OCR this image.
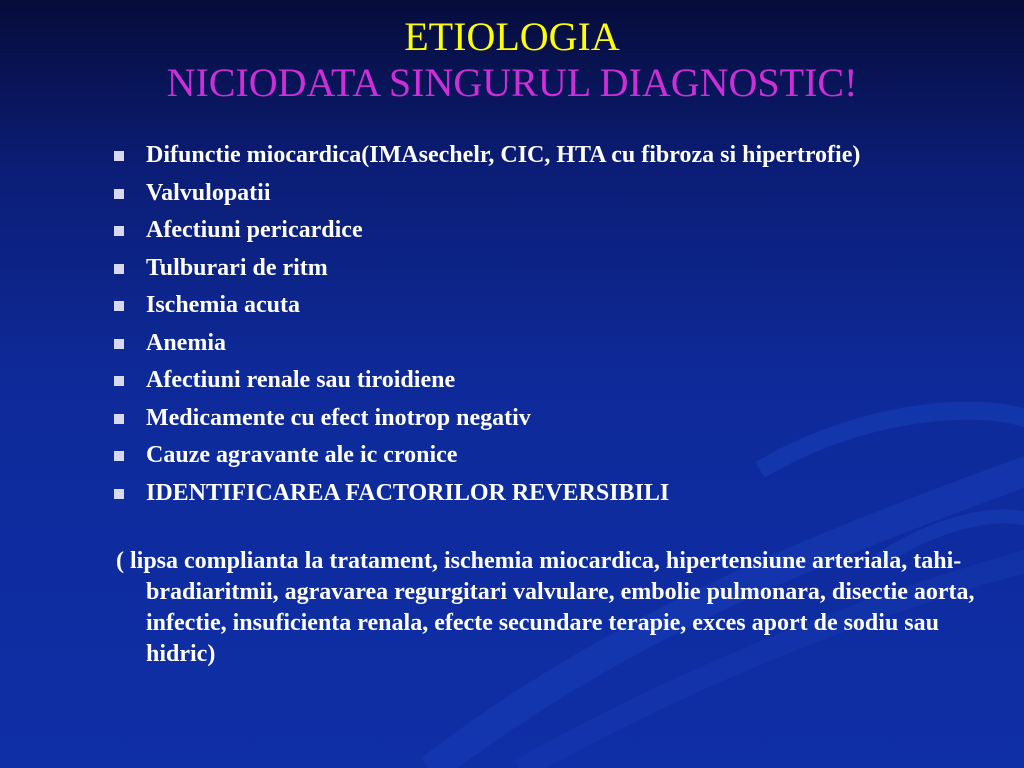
ETIOLOGIA
NICIODATA SINGURUL DIAGNOSTIC!
Difunctie miocardica(IMAsechelr, CIC, HTA cu fibroza si hipertrofie)
Valvulopatii
Afectiuni pericardice
Tulburari de ritm
Ischemia acuta
Anemia
Afectiuni renale sau tiroidiene
Medicamente cu efect inotrop negativ
Cauze agravante ale ic cronice
IDENTIFICAREA FACTORILOR REVERSIBILI

( lipsa complianta la tratament, ischemia miocardica, hipertensiune arteriala, tahi-bradiaritmii, agravarea regurgitari valvulare, embolie pulmonara, disectie aorta, infectie, insuficienta renala, efecte secundare terapie, exces aport de sodiu sau hidric)
